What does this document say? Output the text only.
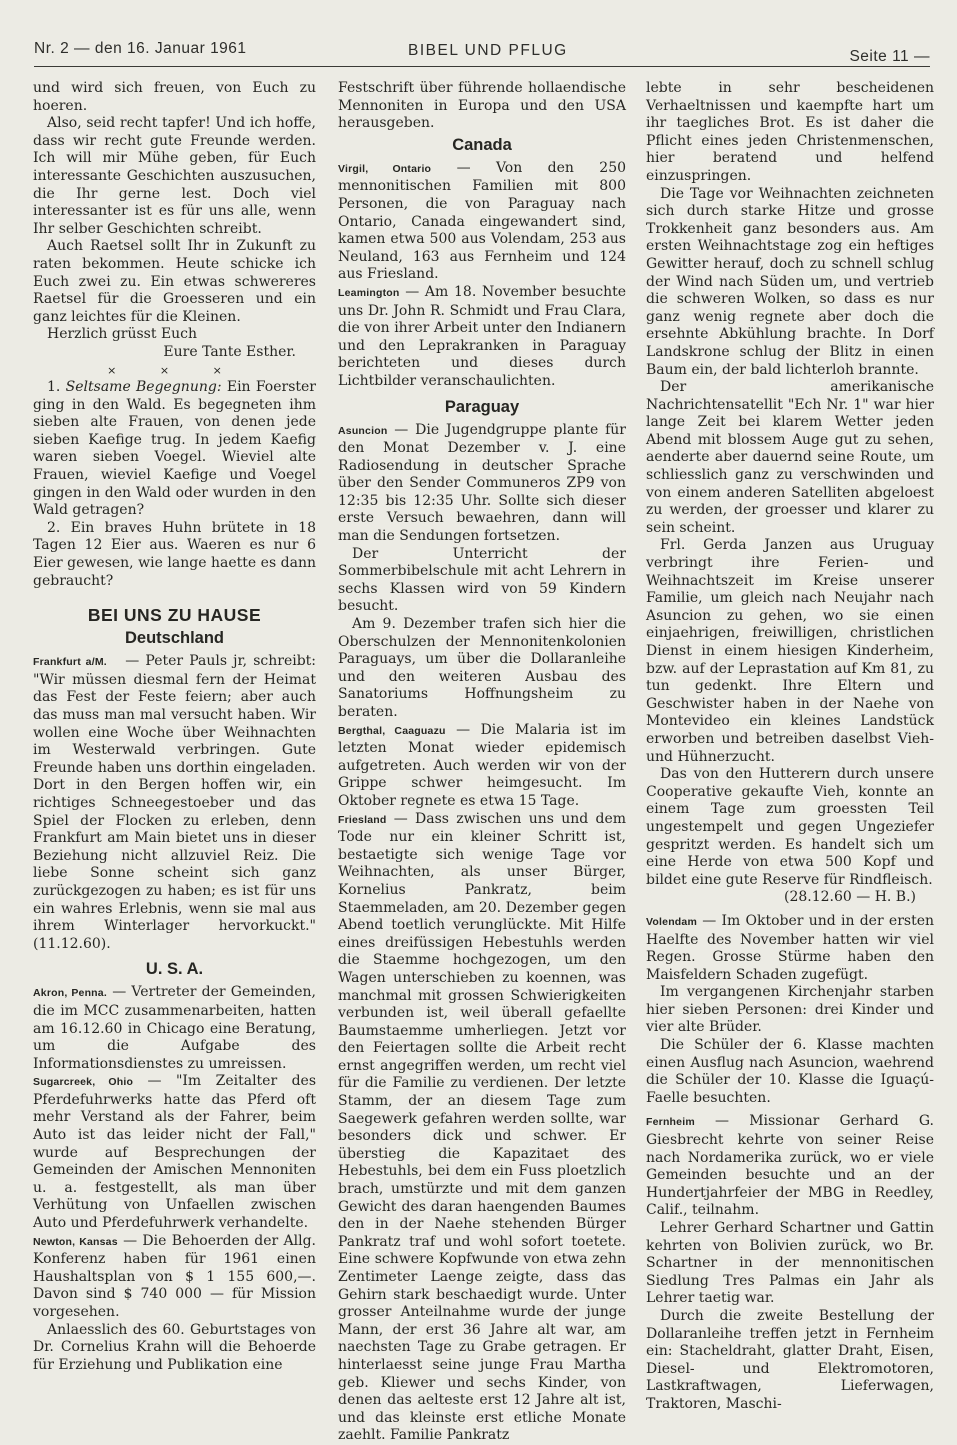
Nr. 2 — den 16. Januar 1961	BIBEL UND PFLUG	Seite 11 —

und wird sich freuen, von Euch zu hoeren.

Also, seid recht tapfer! Und ich hoffe, dass wir recht gute Freunde werden. Ich will mir Mühe geben, für Euch interessante Geschichten auszusuchen, die Ihr gerne lest. Doch viel interessanter ist es für uns alle, wenn Ihr selber Geschichten schreibt.

Auch Raetsel sollt Ihr in Zukunft zu raten bekommen. Heute schicke ich Euch zwei zu. Ein etwas schwereres Raetsel für die Groesseren und ein ganz leichtes für die Kleinen.

Herzlich grüsst Euch

Eure Tante Esther.

× × ×

1. Seltsame Begegnung: Ein Foerster ging in den Wald. Es begegneten ihm sieben alte Frauen, von denen jede sieben Kaefige trug. In jedem Kaefig waren sieben Voegel. Wieviel alte Frauen, wieviel Kaefige und Voegel gingen in den Wald oder wurden in den Wald getragen?

2. Ein braves Huhn brütete in 18 Tagen 12 Eier aus. Waeren es nur 6 Eier gewesen, wie lange haette es dann gebraucht?

BEI UNS ZU HAUSE
Deutschland

Frankfurt a/M. — Peter Pauls jr, schreibt: "Wir müssen diesmal fern der Heimat das Fest der Feste feiern; aber auch das muss man mal versucht haben. Wir wollen eine Woche über Weihnachten im Westerwald verbringen. Gute Freunde haben uns dorthin eingeladen. Dort in den Bergen hoffen wir, ein richtiges Schneegestoeber und das Spiel der Flocken zu erleben, denn Frankfurt am Main bietet uns in dieser Beziehung nicht allzuviel Reiz. Die liebe Sonne scheint sich ganz zurückgezogen zu haben; es ist für uns ein wahres Erlebnis, wenn sie mal aus ihrem Winterlager hervorkuckt." (11.12.60).

U. S. A.

Akron, Penna. — Vertreter der Gemeinden, die im MCC zusammenarbeiten, hatten am 16.12.60 in Chicago eine Beratung, um die Aufgabe des Informationsdienstes zu umreissen.

Sugarcreek, Ohio — "Im Zeitalter des Pferdefuhrwerks hatte das Pferd oft mehr Verstand als der Fahrer, beim Auto ist das leider nicht der Fall," wurde auf Besprechungen der Gemeinden der Amischen Mennoniten u. a. festgestellt, als man über Verhütung von Unfaellen zwischen Auto und Pferdefuhrwerk verhandelte.

Newton, Kansas — Die Behoerden der Allg. Konferenz haben für 1961 einen Haushaltsplan von $ 1 155 600,—. Davon sind $ 740 000 — für Mission vorgesehen.

Anlaesslich des 60. Geburtstages von Dr. Cornelius Krahn will die Behoerde für Erziehung und Publikation eine

Festschrift über führende hollaendische Mennoniten in Europa und den USA herausgeben.

Canada

Virgil, Ontario — Von den 250 mennonitischen Familien mit 800 Personen, die von Paraguay nach Ontario, Canada eingewandert sind, kamen etwa 500 aus Volendam, 253 aus Neuland, 163 aus Fernheim und 124 aus Friesland.

Leamington — Am 18. November besuchte uns Dr. John R. Schmidt und Frau Clara, die von ihrer Arbeit unter den Indianern und den Leprakranken in Paraguay berichteten und dieses durch Lichtbilder veranschaulichten.

Paraguay

Asuncion — Die Jugendgruppe plante für den Monat Dezember v. J. eine Radiosendung in deutscher Sprache über den Sender Communeros ZP9 von 12:35 bis 12:35 Uhr. Sollte sich dieser erste Versuch bewaehren, dann will man die Sendungen fortsetzen.

Der Unterricht der Sommerbibelschule mit acht Lehrern in sechs Klassen wird von 59 Kindern besucht.

Am 9. Dezember trafen sich hier die Oberschulzen der Mennonitenkolonien Paraguays, um über die Dollaranleihe und den weiteren Ausbau des Sanatoriums Hoffnungsheim zu beraten.

Bergthal, Caaguazu — Die Malaria ist im letzten Monat wieder epidemisch aufgetreten. Auch werden wir von der Grippe schwer heimgesucht. Im Oktober regnete es etwa 15 Tage.

Friesland — Dass zwischen uns und dem Tode nur ein kleiner Schritt ist, bestaetigte sich wenige Tage vor Weihnachten, als unser Bürger, Kornelius Pankratz, beim Staemmeladen, am 20. Dezember gegen Abend toetlich verunglückte. Mit Hilfe eines dreifüssigen Hebestuhls werden die Staemme hochgezogen, um den Wagen unterschieben zu koennen, was manchmal mit grossen Schwierigkeiten verbunden ist, weil überall gefaellte Baumstaemme umherliegen. Jetzt vor den Feiertagen sollte die Arbeit recht ernst angegriffen werden, um recht viel für die Familie zu verdienen. Der letzte Stamm, der an diesem Tage zum Saegewerk gefahren werden sollte, war besonders dick und schwer. Er überstieg die Kapazitaet des Hebestuhls, bei dem ein Fuss ploetzlich brach, umstürzte und mit dem ganzen Gewicht des daran haengenden Baumes den in der Naehe stehenden Bürger Pankratz traf und wohl sofort toetete. Eine schwere Kopfwunde von etwa zehn Zentimeter Laenge zeigte, dass das Gehirn stark beschaedigt wurde. Unter grosser Anteilnahme wurde der junge Mann, der erst 36 Jahre alt war, am naechsten Tage zu Grabe getragen. Er hinterlaesst seine junge Frau Martha geb. Kliewer und sechs Kinder, von denen das aelteste erst 12 Jahre alt ist, und das kleinste erst etliche Monate zaehlt. Familie Pankratz

lebte in sehr bescheidenen Verhaeltnissen und kaempfte hart um ihr taegliches Brot. Es ist daher die Pflicht eines jeden Christenmenschen, hier beratend und helfend einzuspringen.

Die Tage vor Weihnachten zeichneten sich durch starke Hitze und grosse Trokkenheit ganz besonders aus. Am ersten Weihnachtstage zog ein heftiges Gewitter herauf, doch zu schnell schlug der Wind nach Süden um, und vertrieb die schweren Wolken, so dass es nur ganz wenig regnete aber doch die ersehnte Abkühlung brachte. In Dorf Landskrone schlug der Blitz in einen Baum ein, der bald lichterloh brannte.

Der amerikanische Nachrichtensatellit "Ech Nr. 1" war hier lange Zeit bei klarem Wetter jeden Abend mit blossem Auge gut zu sehen, aenderte aber dauernd seine Route, um schliesslich ganz zu verschwinden und von einem anderen Satelliten abgeloest zu werden, der groesser und klarer zu sein scheint.

Frl. Gerda Janzen aus Uruguay verbringt ihre Ferien- und Weihnachtszeit im Kreise unserer Familie, um gleich nach Neujahr nach Asuncion zu gehen, wo sie einen einjaehrigen, freiwilligen, christlichen Dienst in einem hiesigen Kinderheim, bzw. auf der Leprastation auf Km 81, zu tun gedenkt. Ihre Eltern und Geschwister haben in der Naehe von Montevideo ein kleines Landstück erworben und betreiben daselbst Vieh- und Hühnerzucht.

Das von den Hutterern durch unsere Cooperative gekaufte Vieh, konnte an einem Tage zum groessten Teil ungestempelt und gegen Ungeziefer gespritzt werden. Es handelt sich um eine Herde von etwa 500 Kopf und bildet eine gute Reserve für Rindfleisch.

(28.12.60 — H. B.)

Volendam — Im Oktober und in der ersten Haelfte des November hatten wir viel Regen. Grosse Stürme haben den Maisfeldern Schaden zugefügt.

Im vergangenen Kirchenjahr starben hier sieben Personen: drei Kinder und vier alte Brüder.

Die Schüler der 6. Klasse machten einen Ausflug nach Asuncion, waehrend die Schüler der 10. Klasse die Iguaçú-Faelle besuchten.

Fernheim — Missionar Gerhard G. Giesbrecht kehrte von seiner Reise nach Nordamerika zurück, wo er viele Gemeinden besuchte und an der Hundertjahrfeier der MBG in Reedley, Calif., teilnahm.

Lehrer Gerhard Schartner und Gattin kehrten von Bolivien zurück, wo Br. Schartner in der mennonitischen Siedlung Tres Palmas ein Jahr als Lehrer taetig war.

Durch die zweite Bestellung der Dollaranleihe treffen jetzt in Fernheim ein: Stacheldraht, glatter Draht, Eisen, Diesel- und Elektromotoren, Lastkraftwagen, Lieferwagen, Traktoren, Maschi-
